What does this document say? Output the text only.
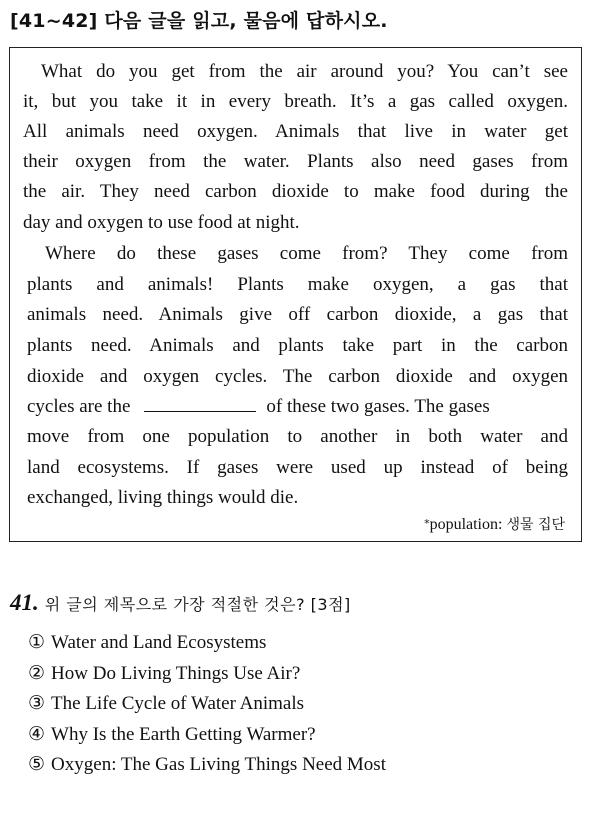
[41~42] 다음 글을 읽고, 물음에 답하시오.
What do you get from the air around you? You can’t see
it, but you take it in every breath. It’s a gas called oxygen.
All animals need oxygen. Animals that live in water get
their oxygen from the water. Plants also need gases from
the air. They need carbon dioxide to make food during the
day and oxygen to use food at night.
Where do these gases come from? They come from
plants and animals! Plants make oxygen, a gas that
animals need. Animals give off carbon dioxide, a gas that
plants need. Animals and plants take part in the carbon
dioxide and oxygen cycles. The carbon dioxide and oxygen
cycles are the	of these two gases. The gases
move from one population to another in both water and
land ecosystems. If gases were used up instead of being
exchanged, living things would die.
*population: 생물 집단
41. 위 글의 제목으로 가장 적절한 것은? [3점]
① Water and Land Ecosystems
② How Do Living Things Use Air?
③ The Life Cycle of Water Animals
④ Why Is the Earth Getting Warmer?
⑤ Oxygen: The Gas Living Things Need Most
